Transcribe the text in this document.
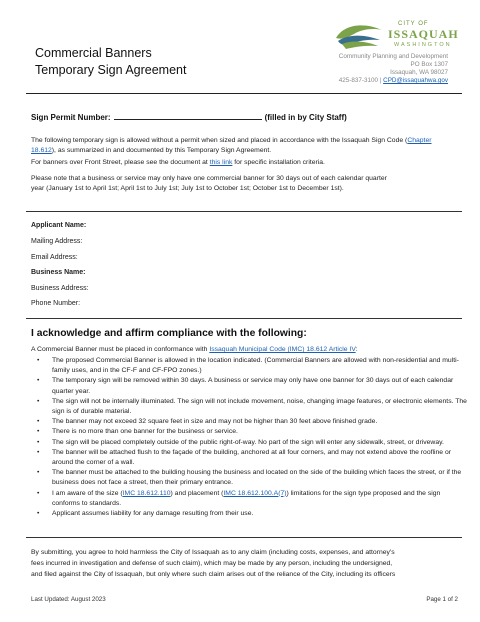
Commercial Banners
Temporary Sign Agreement
CITY OF
ISSAQUAH
WASHINGTON
Community Planning and Development
PO Box 1307
Issaquah, WA 98027
425-837-3100 | CPD@issaquahwa.gov
Sign Permit Number:	(filled in by City Staff)
The following temporary sign is allowed without a permit when sized and placed in accordance with the Issaquah Sign Code (Chapter 18.612), as summarized in and documented by this Temporary Sign Agreement.
For banners over Front Street, please see the document at this link for specific installation criteria.
Please note that a business or service may only have one commercial banner for 30 days out of each calendar quarter
year (January 1st to April 1st; April 1st to July 1st; July 1st to October 1st; October 1st to December 1st).
Applicant Name:
Mailing Address:
Email Address:
Business Name:
Business Address:
Phone Number:
I acknowledge and affirm compliance with the following:
A Commercial Banner must be placed in conformance with Issaquah Municipal Code (IMC) 18.612 Article IV:
• The proposed Commercial Banner is allowed in the location indicated. (Commercial Banners are allowed with non-residential and multi-family uses, and in the CF-F and CF-FPO zones.)
• The temporary sign will be removed within 30 days. A business or service may only have one banner for 30 days out of each calendar quarter year.
• The sign will not be internally illuminated. The sign will not include movement, noise, changing image features, or electronic elements. The sign is of durable material.
• The banner may not exceed 32 square feet in size and may not be higher than 30 feet above finished grade.
• There is no more than one banner for the business or service.
• The sign will be placed completely outside of the public right-of-way. No part of the sign will enter any sidewalk, street, or driveway.
• The banner will be attached flush to the façade of the building, anchored at all four corners, and may not extend above the roofline or around the corner of a wall.
• The banner must be attached to the building housing the business and located on the side of the building which faces the street, or if the business does not face a street, then their primary entrance.
• I am aware of the size (IMC 18.612.110) and placement (IMC 18.612.100.A(7)) limitations for the sign type proposed and the sign conforms to standards.
• Applicant assumes liability for any damage resulting from their use.
By submitting, you agree to hold harmless the City of Issaquah as to any claim (including costs, expenses, and attorney's
fees incurred in investigation and defense of such claim), which may be made by any person, including the undersigned,
and filed against the City of Issaquah, but only where such claim arises out of the reliance of the City, including its officers
Last Updated: August 2023	Page 1 of 2
